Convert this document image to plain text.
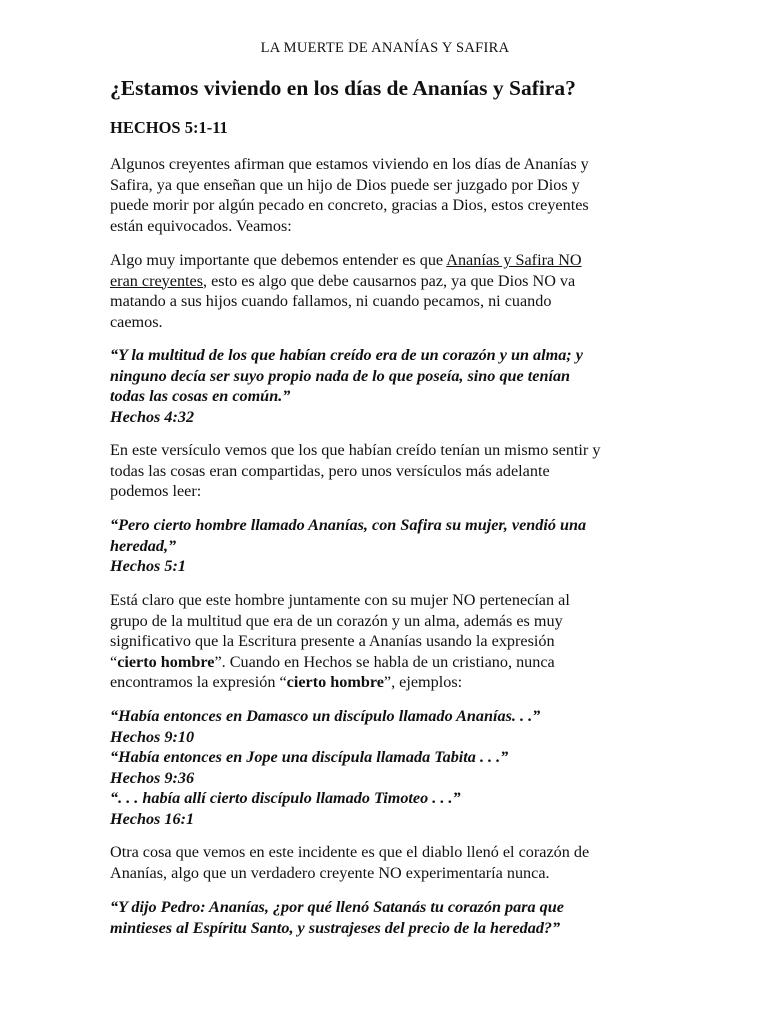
LA MUERTE DE ANANÍAS Y SAFIRA
¿Estamos viviendo en los días de Ananías y Safira?
HECHOS 5:1-11

Algunos creyentes afirman que estamos viviendo en los días de Ananías y
Safira, ya que enseñan que un hijo de Dios puede ser juzgado por Dios y
puede morir por algún pecado en concreto, gracias a Dios, estos creyentes
están equivocados. Veamos:

Algo muy importante que debemos entender es que Ananías y Safira NO
eran creyentes, esto es algo que debe causarnos paz, ya que Dios NO va
matando a sus hijos cuando fallamos, ni cuando pecamos, ni cuando
caemos.

“Y la multitud de los que habían creído era de un corazón y un alma; y
ninguno decía ser suyo propio nada de lo que poseía, sino que tenían
todas las cosas en común.”
Hechos 4:32

En este versículo vemos que los que habían creído tenían un mismo sentir y
todas las cosas eran compartidas, pero unos versículos más adelante
podemos leer:

“Pero cierto hombre llamado Ananías, con Safira su mujer, vendió una
heredad,”
Hechos 5:1

Está claro que este hombre juntamente con su mujer NO pertenecían al
grupo de la multitud que era de un corazón y un alma, además es muy
significativo que la Escritura presente a Ananías usando la expresión
“cierto hombre”. Cuando en Hechos se habla de un cristiano, nunca
encontramos la expresión “cierto hombre”, ejemplos:

“Había entonces en Damasco un discípulo llamado Ananías. . .”
Hechos 9:10
“Había entonces en Jope una discípula llamada Tabita . . .”
Hechos 9:36
“. . . había allí cierto discípulo llamado Timoteo . . .”
Hechos 16:1

Otra cosa que vemos en este incidente es que el diablo llenó el corazón de
Ananías, algo que un verdadero creyente NO experimentaría nunca.

“Y dijo Pedro: Ananías, ¿por qué llenó Satanás tu corazón para que
mintieses al Espíritu Santo, y sustrajeses del precio de la heredad?”
